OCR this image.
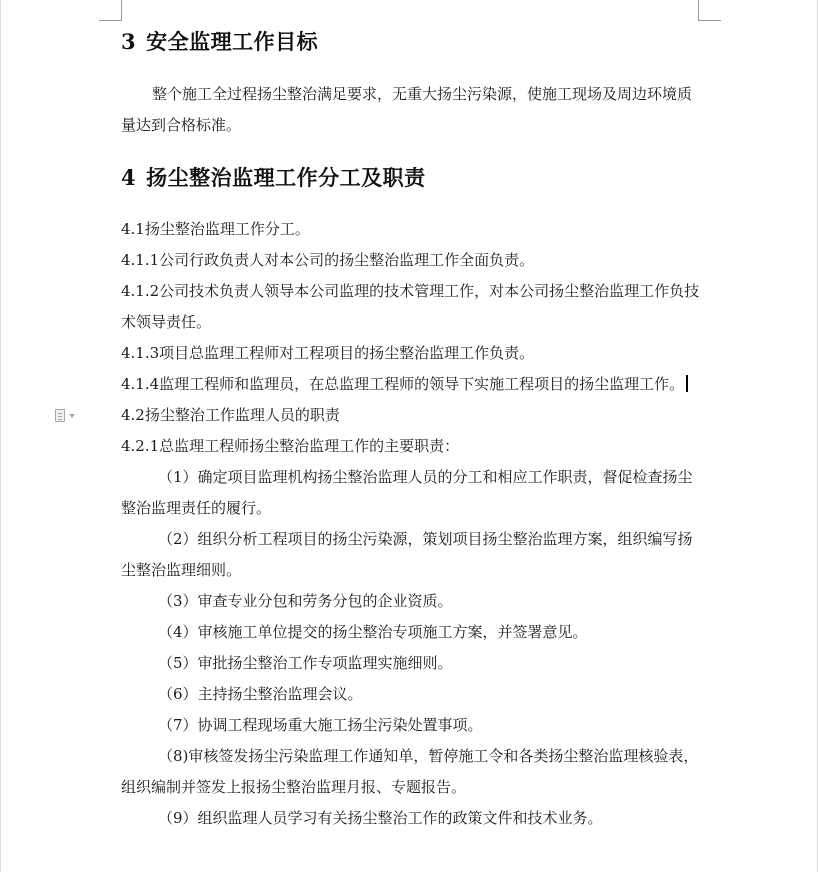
3 安全监理工作目标

整个施工全过程扬尘整治满足要求，无重大扬尘污染源，使施工现场及周边环境质量达到合格标准。

4 扬尘整治监理工作分工及职责

4.1扬尘整治监理工作分工。

4.1.1公司行政负责人对本公司的扬尘整治监理工作全面负责。

4.1.2公司技术负责人领导本公司监理的技术管理工作，对本公司扬尘整治监理工作负技术领导责任。

4.1.3项目总监理工程师对工程项目的扬尘整治监理工作负责。

4.1.4监理工程师和监理员，在总监理工程师的领导下实施工程项目的扬尘监理工作。

4.2扬尘整治工作监理人员的职责

4.2.1总监理工程师扬尘整治监理工作的主要职责：

（1）确定项目监理机构扬尘整治监理人员的分工和相应工作职责，督促检查扬尘整治监理责任的履行。

（2）组织分析工程项目的扬尘污染源，策划项目扬尘整治监理方案，组织编写扬尘整治监理细则。

（3）审查专业分包和劳务分包的企业资质。

（4）审核施工单位提交的扬尘整治专项施工方案，并签署意见。

（5）审批扬尘整治工作专项监理实施细则。

（6）主持扬尘整治监理会议。

（7）协调工程现场重大施工扬尘污染处置事项。

（8)审核签发扬尘污染监理工作通知单，暂停施工令和各类扬尘整治监理核验表，组织编制并签发上报扬尘整治监理月报、专题报告。

（9）组织监理人员学习有关扬尘整治工作的政策文件和技术业务。
